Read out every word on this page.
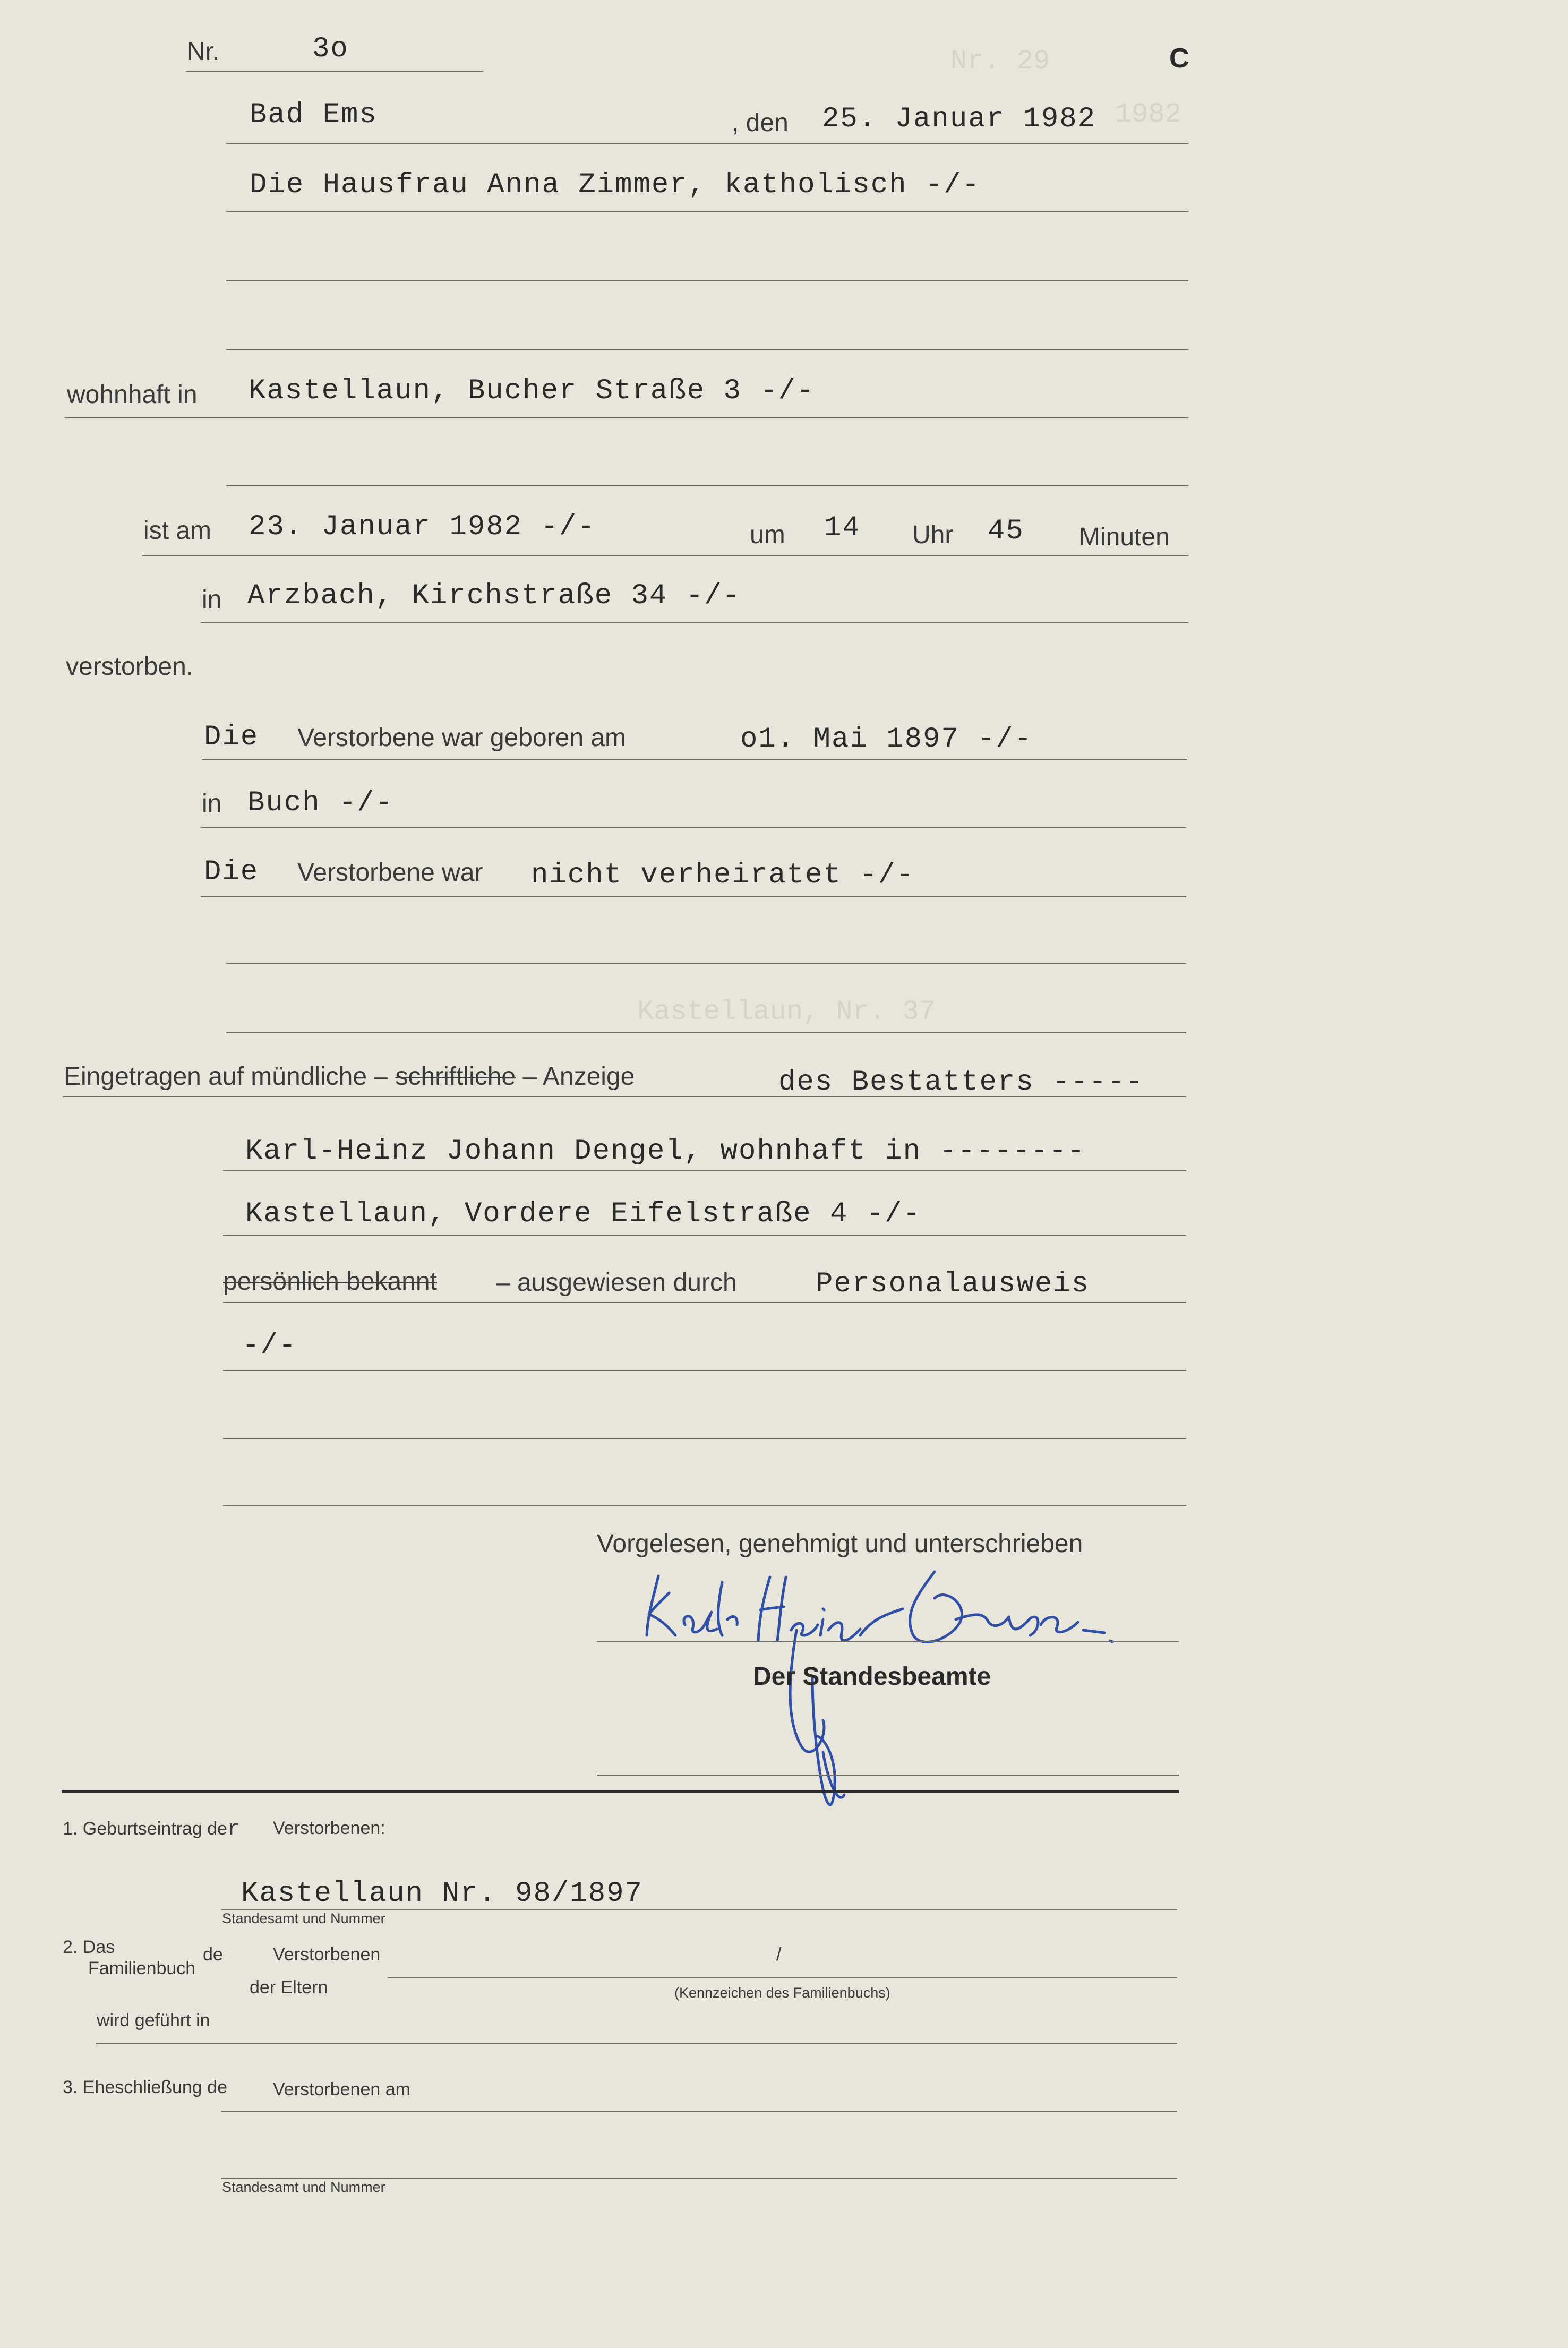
Nr. 29
1982
Kastellaun, Nr. 37
Nr.	3o	C
Bad Ems	, den 25. Januar 1982
Die Hausfrau Anna Zimmer, katholisch -/-
wohnhaft in Kastellaun, Bucher Straße 3 -/-
ist am 23. Januar 1982 -/-	um 14 Uhr 45 Minuten
in Arzbach, Kirchstraße 34 -/-
verstorben.
Die Verstorbene war geboren am	o1. Mai 1897 -/-
in Buch -/-
Die Verstorbene war nicht verheiratet -/-
Eingetragen auf mündliche – schriftliche – Anzeige	des Bestatters -----
Karl-Heinz Johann Dengel, wohnhaft in --------
Kastellaun, Vordere Eifelstraße 4 -/-
persönlich bekannt – ausgewiesen durch	Personalausweis
-/-
Vorgelesen, genehmigt und unterschrieben
Der Standesbeamte
1. Geburtseintrag der Verstorbenen:
Kastellaun Nr. 98/1897
Standesamt und Nummer
2. Das
Familienbuch
de	Verstorbenen
der Eltern
/
(Kennzeichen des Familienbuchs)
wird geführt in
3. Eheschließung de	Verstorbenen am
Standesamt und Nummer
